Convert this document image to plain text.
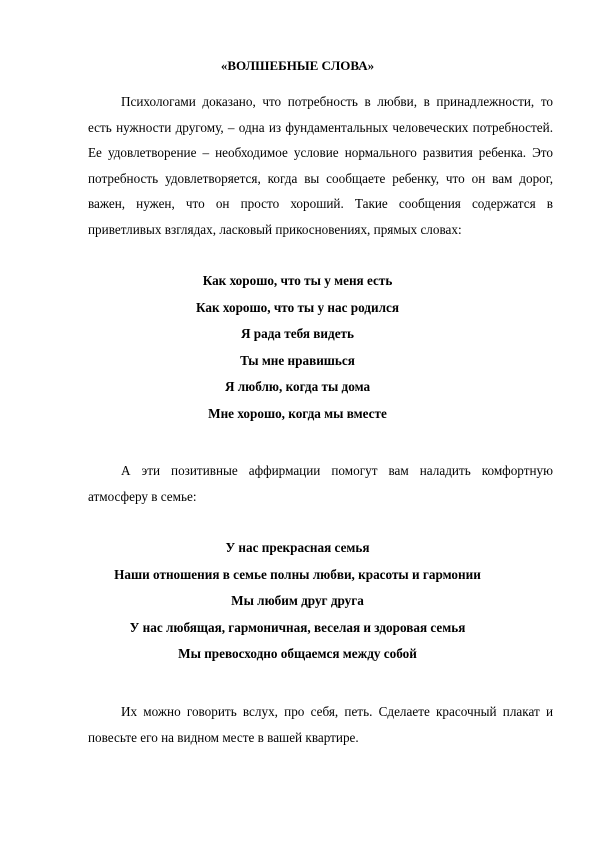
«ВОЛШЕБНЫЕ СЛОВА»

Психологами доказано, что потребность в любви, в принадлежности, то есть нужности другому, – одна из фундаментальных человеческих потребностей. Ее удовлетворение – необходимое условие нормального развития ребенка. Это потребность удовлетворяется, когда вы сообщаете ребенку, что он вам дорог, важен, нужен, что он просто хороший. Такие сообщения содержатся в приветливых взглядах, ласковый прикосновениях, прямых словах:

Как хорошо, что ты у меня есть
Как хорошо, что ты у нас родился
Я рада тебя видеть
Ты мне нравишься
Я люблю, когда ты дома
Мне хорошо, когда мы вместе

А эти позитивные аффирмации помогут вам наладить комфортную атмосферу в семье:

У нас прекрасная семья
Наши отношения в семье полны любви, красоты и гармонии
Мы любим друг друга
У нас любящая, гармоничная, веселая и здоровая семья
Мы превосходно общаемся между собой

Их можно говорить вслух, про себя, петь. Сделаете красочный плакат и повесьте его на видном месте в вашей квартире.
